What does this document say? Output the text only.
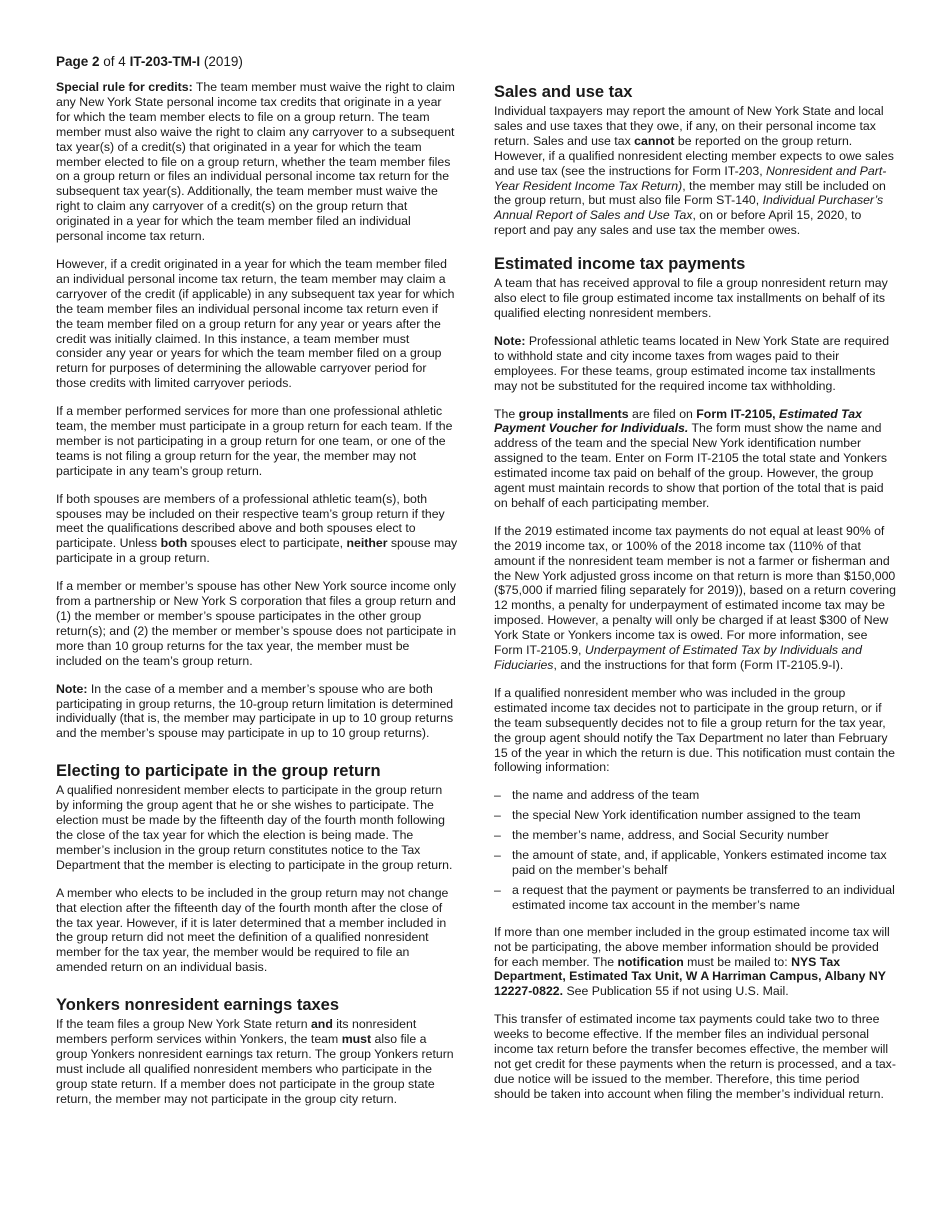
Page 2 of 4 IT-203-TM-I (2019)

Special rule for credits: The team member must waive the right to claim any New York State personal income tax credits that originate in a year for which the team member elects to file on a group return. The team member must also waive the right to claim any carryover to a subsequent tax year(s) of a credit(s) that originated in a year for which the team member elected to file on a group return, whether the team member files on a group return or files an individual personal income tax return for the subsequent tax year(s). Additionally, the team member must waive the right to claim any carryover of a credit(s) on the group return that originated in a year for which the team member filed an individual personal income tax return.

However, if a credit originated in a year for which the team member filed an individual personal income tax return, the team member may claim a carryover of the credit (if applicable) in any subsequent tax year for which the team member files an individual personal income tax return even if the team member filed on a group return for any year or years after the credit was initially claimed. In this instance, a team member must consider any year or years for which the team member filed on a group return for purposes of determining the allowable carryover period for those credits with limited carryover periods.

If a member performed services for more than one professional athletic team, the member must participate in a group return for each team. If the member is not participating in a group return for one team, or one of the teams is not filing a group return for the year, the member may not participate in any team’s group return.

If both spouses are members of a professional athletic team(s), both spouses may be included on their respective team’s group return if they meet the qualifications described above and both spouses elect to participate. Unless both spouses elect to participate, neither spouse may participate in a group return.

If a member or member’s spouse has other New York source income only from a partnership or New York S corporation that files a group return and (1) the member or member’s spouse participates in the other group return(s); and (2) the member or member’s spouse does not participate in more than 10 group returns for the tax year, the member must be included on the team’s group return.

Note: In the case of a member and a member’s spouse who are both participating in group returns, the 10-group return limitation is determined individually (that is, the member may participate in up to 10 group returns and the member’s spouse may participate in up to 10 group returns).

Electing to participate in the group return

A qualified nonresident member elects to participate in the group return by informing the group agent that he or she wishes to participate. The election must be made by the fifteenth day of the fourth month following the close of the tax year for which the election is being made. The member’s inclusion in the group return constitutes notice to the Tax Department that the member is electing to participate in the group return.

A member who elects to be included in the group return may not change that election after the fifteenth day of the fourth month after the close of the tax year. However, if it is later determined that a member included in the group return did not meet the definition of a qualified nonresident member for the tax year, the member would be required to file an amended return on an individual basis.

Yonkers nonresident earnings taxes

If the team files a group New York State return and its nonresident members perform services within Yonkers, the team must also file a group Yonkers nonresident earnings tax return. The group Yonkers return must include all qualified nonresident members who participate in the group state return. If a member does not participate in the group state return, the member may not participate in the group city return.

Sales and use tax

Individual taxpayers may report the amount of New York State and local sales and use taxes that they owe, if any, on their personal income tax return. Sales and use tax cannot be reported on the group return. However, if a qualified nonresident electing member expects to owe sales and use tax (see the instructions for Form IT-203, Nonresident and Part-Year Resident Income Tax Return), the member may still be included on the group return, but must also file Form ST-140, Individual Purchaser’s Annual Report of Sales and Use Tax, on or before April 15, 2020, to report and pay any sales and use tax the member owes.

Estimated income tax payments

A team that has received approval to file a group nonresident return may also elect to file group estimated income tax installments on behalf of its qualified electing nonresident members.

Note: Professional athletic teams located in New York State are required to withhold state and city income taxes from wages paid to their employees. For these teams, group estimated income tax installments may not be substituted for the required income tax withholding.

The group installments are filed on Form IT-2105, Estimated Tax Payment Voucher for Individuals. The form must show the name and address of the team and the special New York identification number assigned to the team. Enter on Form IT-2105 the total state and Yonkers estimated income tax paid on behalf of the group. However, the group agent must maintain records to show that portion of the total that is paid on behalf of each participating member.

If the 2019 estimated income tax payments do not equal at least 90% of the 2019 income tax, or 100% of the 2018 income tax (110% of that amount if the nonresident team member is not a farmer or fisherman and the New York adjusted gross income on that return is more than $150,000 ($75,000 if married filing separately for 2019)), based on a return covering 12 months, a penalty for underpayment of estimated income tax may be imposed. However, a penalty will only be charged if at least $300 of New York State or Yonkers income tax is owed. For more information, see Form IT-2105.9, Underpayment of Estimated Tax by Individuals and Fiduciaries, and the instructions for that form (Form IT-2105.9-I).

If a qualified nonresident member who was included in the group estimated income tax decides not to participate in the group return, or if the team subsequently decides not to file a group return for the tax year, the group agent should notify the Tax Department no later than February 15 of the year in which the return is due. This notification must contain the following information:

– the name and address of the team
– the special New York identification number assigned to the team
– the member’s name, address, and Social Security number
– the amount of state, and, if applicable, Yonkers estimated income tax paid on the member’s behalf
– a request that the payment or payments be transferred to an individual estimated income tax account in the member’s name

If more than one member included in the group estimated income tax will not be participating, the above member information should be provided for each member. The notification must be mailed to: NYS Tax Department, Estimated Tax Unit, W A Harriman Campus, Albany NY 12227-0822. See Publication 55 if not using U.S. Mail.

This transfer of estimated income tax payments could take two to three weeks to become effective. If the member files an individual personal income tax return before the transfer becomes effective, the member will not get credit for these payments when the return is processed, and a tax-due notice will be issued to the member. Therefore, this time period should be taken into account when filing the member’s individual return.
